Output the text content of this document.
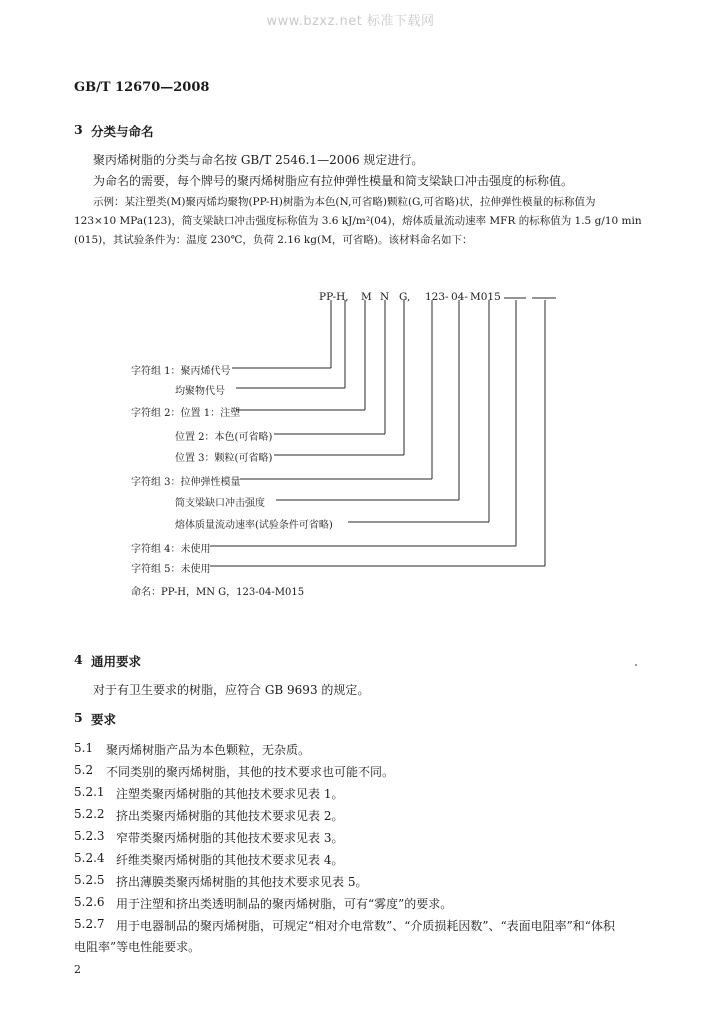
www.bzxz.net 标准下载网
GB/T 12670—2008
3 分类与命名
聚丙烯树脂的分类与命名按 GB/T 2546.1—2006 规定进行。
为命名的需要，每个牌号的聚丙烯树脂应有拉伸弹性模量和简支梁缺口冲击强度的标称值。
示例：某注塑类(M)聚丙烯均聚物(PP-H)树脂为本色(N,可省略)颗粒(G,可省略)状，拉伸弹性模量的标称值为
123×10 MPa(123)，简支梁缺口冲击强度标称值为 3.6 kJ/m²(04)，熔体质量流动速率 MFR 的标称值为 1.5 g/10 min
(015)，其试验条件为：温度 230℃，负荷 2.16 kg(M，可省略)。该材料命名如下：
PP-H, M N G, 123- 04- M015
字符组 1：聚丙烯代号
均聚物代号
字符组 2：位置 1：注塑
位置 2：本色(可省略)
位置 3：颗粒(可省略)
字符组 3：拉伸弹性模量
简支梁缺口冲击强度
熔体质量流动速率(试验条件可省略)
字符组 4：未使用
字符组 5：未使用
命名：PP-H，MN G，123-04-M015
4 通用要求
对于有卫生要求的树脂，应符合 GB 9693 的规定。
5 要求
5.1 聚丙烯树脂产品为本色颗粒，无杂质。
5.2 不同类别的聚丙烯树脂，其他的技术要求也可能不同。
5.2.1 注塑类聚丙烯树脂的其他技术要求见表 1。
5.2.2 挤出类聚丙烯树脂的其他技术要求见表 2。
5.2.3 窄带类聚丙烯树脂的其他技术要求见表 3。
5.2.4 纤维类聚丙烯树脂的其他技术要求见表 4。
5.2.5 挤出薄膜类聚丙烯树脂的其他技术要求见表 5。
5.2.6 用于注塑和挤出类透明制品的聚丙烯树脂，可有“雾度”的要求。
5.2.7 用于电器制品的聚丙烯树脂，可规定“相对介电常数”、“介质损耗因数”、“表面电阻率”和“体积
电阻率”等电性能要求。
2
